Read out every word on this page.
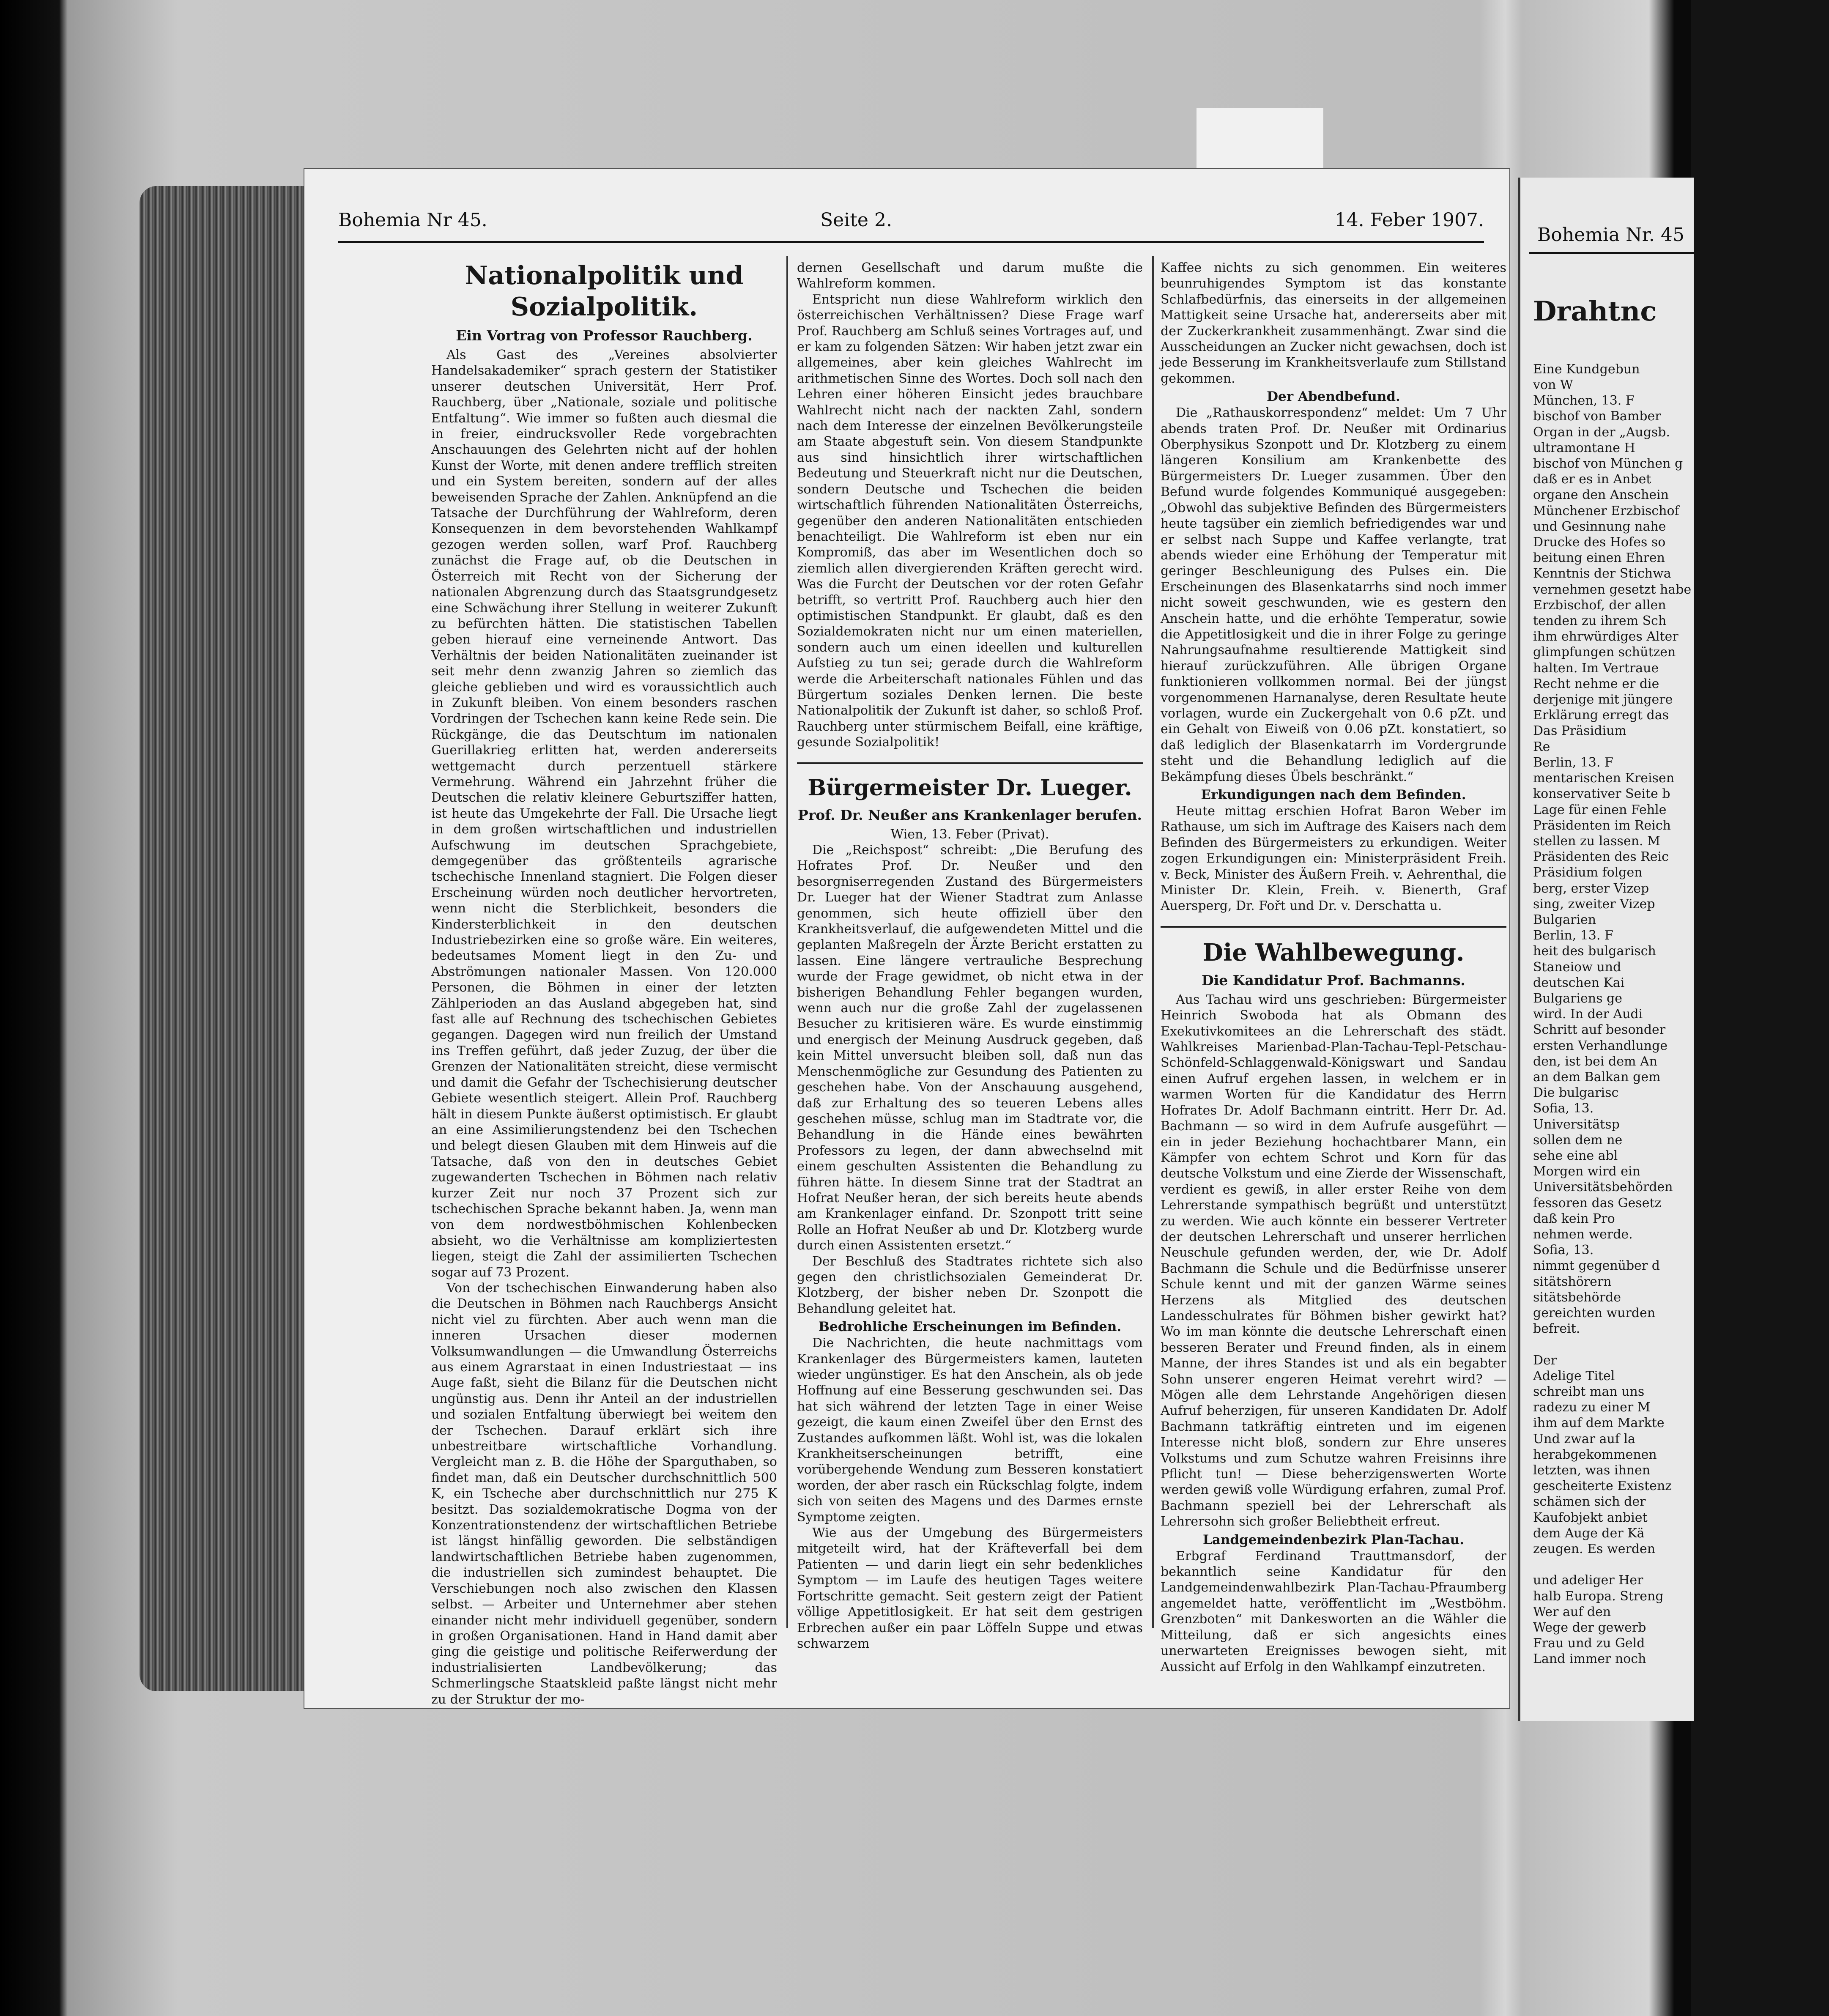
Bohemia Nr 45.	Seite 2.	14. Feber 1907.
Nationalpolitik und Sozialpolitik.
Ein Vortrag von Professor Rauchberg.

Als Gast des „Vereines absolvierter Handelsakademiker“ sprach gestern der Statistiker unserer deutschen Universität, Herr Prof. Rauchberg, über „Nationale, soziale und politische Entfaltung“. Wie immer so fußten auch diesmal die in freier, eindrucksvoller Rede vorgebrachten Anschauungen des Gelehrten nicht auf der hohlen Kunst der Worte, mit denen andere trefflich streiten und ein System bereiten, sondern auf der alles beweisenden Sprache der Zahlen. Anknüpfend an die Tatsache der Durchführung der Wahlreform, deren Konsequenzen in dem bevorstehenden Wahlkampf gezogen werden sollen, warf Prof. Rauchberg zunächst die Frage auf, ob die Deutschen in Österreich mit Recht von der Sicherung der nationalen Abgrenzung durch das Staatsgrundgesetz eine Schwächung ihrer Stellung in weiterer Zukunft zu befürchten hätten. Die statistischen Tabellen geben hierauf eine verneinende Antwort. Das Verhältnis der beiden Nationalitäten zueinander ist seit mehr denn zwanzig Jahren so ziemlich das gleiche geblieben und wird es voraussichtlich auch in Zukunft bleiben. Von einem besonders raschen Vordringen der Tschechen kann keine Rede sein. Die Rückgänge, die das Deutschtum im nationalen Guerillakrieg erlitten hat, werden andererseits wettgemacht durch perzentuell stärkere Vermehrung. Während ein Jahrzehnt früher die Deutschen die relativ kleinere Geburtsziffer hatten, ist heute das Umgekehrte der Fall. Die Ursache liegt in dem großen wirtschaftlichen und industriellen Aufschwung im deutschen Sprachgebiete, demgegenüber das größtenteils agrarische tschechische Innenland stagniert. Die Folgen dieser Erscheinung würden noch deutlicher hervortreten, wenn nicht die Sterblichkeit, besonders die Kindersterblichkeit in den deutschen Industriebezirken eine so große wäre. Ein weiteres, bedeutsames Moment liegt in den Zu- und Abströmungen nationaler Massen. Von 120.000 Personen, die Böhmen in einer der letzten Zählperioden an das Ausland abgegeben hat, sind fast alle auf Rechnung des tschechischen Gebietes gegangen. Dagegen wird nun freilich der Umstand ins Treffen geführt, daß jeder Zuzug, der über die Grenzen der Nationalitäten streicht, diese vermischt und damit die Gefahr der Tschechisierung deutscher Gebiete wesentlich steigert. Allein Prof. Rauchberg hält in diesem Punkte äußerst optimistisch. Er glaubt an eine Assimilierungstendenz bei den Tschechen und belegt diesen Glauben mit dem Hinweis auf die Tatsache, daß von den in deutsches Gebiet zugewanderten Tschechen in Böhmen nach relativ kurzer Zeit nur noch 37 Prozent sich zur tschechischen Sprache bekannt haben. Ja, wenn man von dem nordwestböhmischen Kohlenbecken absieht, wo die Verhältnisse am kompliziertesten liegen, steigt die Zahl der assimilierten Tschechen sogar auf 73 Prozent.

Von der tschechischen Einwanderung haben also die Deutschen in Böhmen nach Rauchbergs Ansicht nicht viel zu fürchten. Aber auch wenn man die inneren Ursachen dieser modernen Volksumwandlungen — die Umwandlung Österreichs aus einem Agrarstaat in einen Industriestaat — ins Auge faßt, sieht die Bilanz für die Deutschen nicht ungünstig aus. Denn ihr Anteil an der industriellen und sozialen Entfaltung überwiegt bei weitem den der Tschechen. Darauf erklärt sich ihre unbestreitbare wirtschaftliche Vorhandlung. Vergleicht man z. B. die Höhe der Sparguthaben, so findet man, daß ein Deutscher durchschnittlich 500 K, ein Tscheche aber durchschnittlich nur 275 K besitzt. Das sozialdemokratische Dogma von der Konzentrationstendenz der wirtschaftlichen Betriebe ist längst hinfällig geworden. Die selbständigen landwirtschaftlichen Betriebe haben zugenommen, die industriellen sich zumindest behauptet. Die Verschiebungen noch also zwischen den Klassen selbst. — Arbeiter und Unternehmer aber stehen einander nicht mehr individuell gegenüber, sondern in großen Organisationen. Hand in Hand damit aber ging die geistige und politische Reiferwerdung der industrialisierten Landbevölkerung; das Schmerlingsche Staatskleid paßte längst nicht mehr zu der Struktur der mo-

dernen Gesellschaft und darum mußte die Wahlreform kommen.

Entspricht nun diese Wahlreform wirklich den österreichischen Verhältnissen? Diese Frage warf Prof. Rauchberg am Schluß seines Vortrages auf, und er kam zu folgenden Sätzen: Wir haben jetzt zwar ein allgemeines, aber kein gleiches Wahlrecht im arithmetischen Sinne des Wortes. Doch soll nach den Lehren einer höheren Einsicht jedes brauchbare Wahlrecht nicht nach der nackten Zahl, sondern nach dem Interesse der einzelnen Bevölkerungsteile am Staate abgestuft sein. Von diesem Standpunkte aus sind hinsichtlich ihrer wirtschaftlichen Bedeutung und Steuerkraft nicht nur die Deutschen, sondern Deutsche und Tschechen die beiden wirtschaftlich führenden Nationalitäten Österreichs, gegenüber den anderen Nationalitäten entschieden benachteiligt. Die Wahlreform ist eben nur ein Kompromiß, das aber im Wesentlichen doch so ziemlich allen divergierenden Kräften gerecht wird. Was die Furcht der Deutschen vor der roten Gefahr betrifft, so vertritt Prof. Rauchberg auch hier den optimistischen Standpunkt. Er glaubt, daß es den Sozialdemokraten nicht nur um einen materiellen, sondern auch um einen ideellen und kulturellen Aufstieg zu tun sei; gerade durch die Wahlreform werde die Arbeiterschaft nationales Fühlen und das Bürgertum soziales Denken lernen. Die beste Nationalpolitik der Zukunft ist daher, so schloß Prof. Rauchberg unter stürmischem Beifall, eine kräftige, gesunde Sozialpolitik!

Bürgermeister Dr. Lueger.
Prof. Dr. Neußer ans Krankenlager berufen.

Wien, 13. Feber (Privat).

Die „Reichspost“ schreibt: „Die Berufung des Hofrates Prof. Dr. Neußer und den besorgniserregenden Zustand des Bürgermeisters Dr. Lueger hat der Wiener Stadtrat zum Anlasse genommen, sich heute offiziell über den Krankheitsverlauf, die aufgewendeten Mittel und die geplanten Maßregeln der Ärzte Bericht erstatten zu lassen. Eine längere vertrauliche Besprechung wurde der Frage gewidmet, ob nicht etwa in der bisherigen Behandlung Fehler begangen wurden, wenn auch nur die große Zahl der zugelassenen Besucher zu kritisieren wäre. Es wurde einstimmig und energisch der Meinung Ausdruck gegeben, daß kein Mittel unversucht bleiben soll, daß nun das Menschenmögliche zur Gesundung des Patienten zu geschehen habe. Von der Anschauung ausgehend, daß zur Erhaltung des so teueren Lebens alles geschehen müsse, schlug man im Stadtrate vor, die Behandlung in die Hände eines bewährten Professors zu legen, der dann abwechselnd mit einem geschulten Assistenten die Behandlung zu führen hätte. In diesem Sinne trat der Stadtrat an Hofrat Neußer heran, der sich bereits heute abends am Krankenlager einfand. Dr. Szonpott tritt seine Rolle an Hofrat Neußer ab und Dr. Klotzberg wurde durch einen Assistenten ersetzt.“

Der Beschluß des Stadtrates richtete sich also gegen den christlichsozialen Gemeinderat Dr. Klotzberg, der bisher neben Dr. Szonpott die Behandlung geleitet hat.

Bedrohliche Erscheinungen im Befinden.

Die Nachrichten, die heute nachmittags vom Krankenlager des Bürgermeisters kamen, lauteten wieder ungünstiger. Es hat den Anschein, als ob jede Hoffnung auf eine Besserung geschwunden sei. Das hat sich während der letzten Tage in einer Weise gezeigt, die kaum einen Zweifel über den Ernst des Zustandes aufkommen läßt. Wohl ist, was die lokalen Krankheitserscheinungen betrifft, eine vorübergehende Wendung zum Besseren konstatiert worden, der aber rasch ein Rückschlag folgte, indem sich von seiten des Magens und des Darmes ernste Symptome zeigten.

Wie aus der Umgebung des Bürgermeisters mitgeteilt wird, hat der Kräfteverfall bei dem Patienten — und darin liegt ein sehr bedenkliches Symptom — im Laufe des heutigen Tages weitere Fortschritte gemacht. Seit gestern zeigt der Patient völlige Appetitlosigkeit. Er hat seit dem gestrigen Erbrechen außer ein paar Löffeln Suppe und etwas schwarzem

Kaffee nichts zu sich genommen. Ein weiteres beunruhigendes Symptom ist das konstante Schlafbedürfnis, das einerseits in der allgemeinen Mattigkeit seine Ursache hat, andererseits aber mit der Zuckerkrankheit zusammenhängt. Zwar sind die Ausscheidungen an Zucker nicht gewachsen, doch ist jede Besserung im Krankheitsverlaufe zum Stillstand gekommen.

Der Abendbefund.

Die „Rathauskorrespondenz“ meldet: Um 7 Uhr abends traten Prof. Dr. Neußer mit Ordinarius Oberphysikus Szonpott und Dr. Klotzberg zu einem längeren Konsilium am Krankenbette des Bürgermeisters Dr. Lueger zusammen. Über den Befund wurde folgendes Kommuniqué ausgegeben: „Obwohl das subjektive Befinden des Bürgermeisters heute tagsüber ein ziemlich befriedigendes war und er selbst nach Suppe und Kaffee verlangte, trat abends wieder eine Erhöhung der Temperatur mit geringer Beschleunigung des Pulses ein. Die Erscheinungen des Blasenkatarrhs sind noch immer nicht soweit geschwunden, wie es gestern den Anschein hatte, und die erhöhte Temperatur, sowie die Appetitlosigkeit und die in ihrer Folge zu geringe Nahrungsaufnahme resultierende Mattigkeit sind hierauf zurückzuführen. Alle übrigen Organe funktionieren vollkommen normal. Bei der jüngst vorgenommenen Harnanalyse, deren Resultate heute vorlagen, wurde ein Zuckergehalt von 0.6 pZt. und ein Gehalt von Eiweiß von 0.06 pZt. konstatiert, so daß lediglich der Blasenkatarrh im Vordergrunde steht und die Behandlung lediglich auf die Bekämpfung dieses Übels beschränkt.“

Erkundigungen nach dem Befinden.

Heute mittag erschien Hofrat Baron Weber im Rathause, um sich im Auftrage des Kaisers nach dem Befinden des Bürgermeisters zu erkundigen. Weiter zogen Erkundigungen ein: Ministerpräsident Freih. v. Beck, Minister des Äußern Freih. v. Aehrenthal, die Minister Dr. Klein, Freih. v. Bienerth, Graf Auersperg, Dr. Fořt und Dr. v. Derschatta u.

Die Wahlbewegung.
Die Kandidatur Prof. Bachmanns.

Aus Tachau wird uns geschrieben: Bürgermeister Heinrich Swoboda hat als Obmann des Exekutivkomitees an die Lehrerschaft des städt. Wahlkreises Marienbad-Plan-Tachau-Tepl-Petschau-Schönfeld-Schlaggenwald-Königswart und Sandau einen Aufruf ergehen lassen, in welchem er in warmen Worten für die Kandidatur des Herrn Hofrates Dr. Adolf Bachmann eintritt. Herr Dr. Ad. Bachmann — so wird in dem Aufrufe ausgeführt — ein in jeder Beziehung hochachtbarer Mann, ein Kämpfer von echtem Schrot und Korn für das deutsche Volkstum und eine Zierde der Wissenschaft, verdient es gewiß, in aller erster Reihe von dem Lehrerstande sympathisch begrüßt und unterstützt zu werden. Wie auch könnte ein besserer Vertreter der deutschen Lehrerschaft und unserer herrlichen Neuschule gefunden werden, der, wie Dr. Adolf Bachmann die Schule und die Bedürfnisse unserer Schule kennt und mit der ganzen Wärme seines Herzens als Mitglied des deutschen Landesschulrates für Böhmen bisher gewirkt hat? Wo im man könnte die deutsche Lehrerschaft einen besseren Berater und Freund finden, als in einem Manne, der ihres Standes ist und als ein begabter Sohn unserer engeren Heimat verehrt wird? — Mögen alle dem Lehrstande Angehörigen diesen Aufruf beherzigen, für unseren Kandidaten Dr. Adolf Bachmann tatkräftig eintreten und im eigenen Interesse nicht bloß, sondern zur Ehre unseres Volkstums und zum Schutze wahren Freisinns ihre Pflicht tun! — Diese beherzigenswerten Worte werden gewiß volle Würdigung erfahren, zumal Prof. Bachmann speziell bei der Lehrerschaft als Lehrersohn sich großer Beliebtheit erfreut.

Landgemeindenbezirk Plan-Tachau.

Erbgraf Ferdinand Trauttmansdorf, der bekanntlich seine Kandidatur für den Landgemeindenwahlbezirk Plan-Tachau-Pfraumberg angemeldet hatte, veröffentlicht im „Westböhm. Grenzboten“ mit Dankesworten an die Wähler die Mitteilung, daß er sich angesichts eines unerwarteten Ereignisses bewogen sieht, mit Aussicht auf Erfolg in den Wahlkampf einzutreten.

Bohemia Nr. 45

Drahtnc

Eine Kundgebun
von W
München, 13. F
bischof von Bamber
Organ in der „Augsb.
ultramontane H
bischof von München g
daß er es in Anbet
organe den Anschein
Münchener Erzbischof
und Gesinnung nahe
Drucke des Hofes so
beitung einen Ehren
Kenntnis der Stichwa
vernehmen gesetzt habe
Erzbischof, der allen
tenden zu ihrem Sch
ihm ehrwürdiges Alter
glimpfungen schützen
halten. Im Vertraue
Recht nehme er die
derjenige mit jüngere
Erklärung erregt das
Das Präsidium
Re
Berlin, 13. F
mentarischen Kreisen
konservativer Seite b
Lage für einen Fehle
Präsidenten im Reich
stellen zu lassen. M
Präsidenten des Reic
Präsidium folgen
berg, erster Vizep
sing, zweiter Vizep
Bulgarien
Berlin, 13. F
heit des bulgarisch
Staneiow und
deutschen Kai
Bulgariens ge
wird. In der Audi
Schritt auf besonder
ersten Verhandlunge
den, ist bei dem An
an dem Balkan gem
Die bulgarisc
Sofia, 13.
Universitätsp
sollen dem ne
sehe eine abl
Morgen wird ein
Universitätsbehörden
fessoren das Gesetz
daß kein Pro
nehmen werde.
Sofia, 13.
nimmt gegenüber d
sitätshörern
sitätsbehörde
gereichten wurden
befreit.

Der
Adelige Titel
schreibt man uns
radezu zu einer M
ihm auf dem Markte
Und zwar auf la
herabgekommenen
letzten, was ihnen
gescheiterte Existenz
schämen sich der
Kaufobjekt anbiet
dem Auge der Kä
zeugen. Es werden

und adeliger Her
halb Europa. Streng
Wer auf den
Wege der gewerb
Frau und zu Geld
Land immer noch
